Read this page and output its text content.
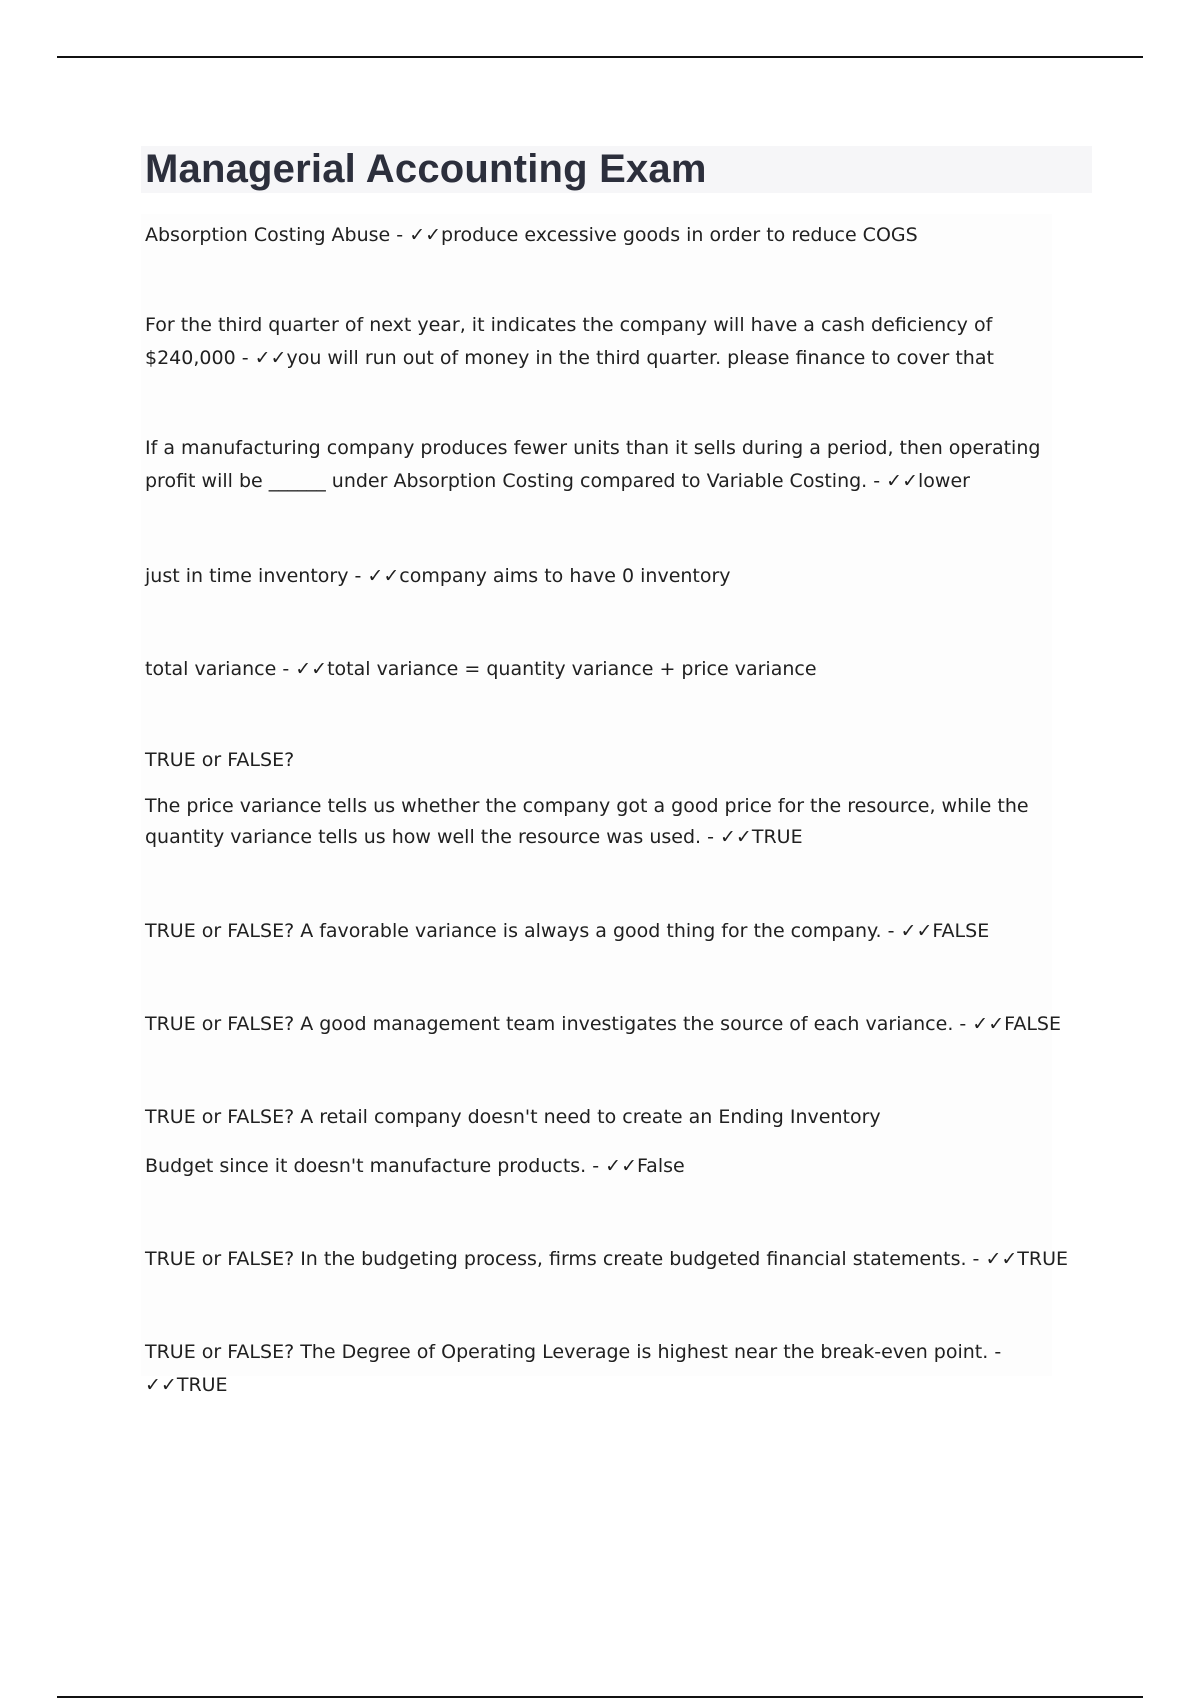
Managerial Accounting Exam

Absorption Costing Abuse - ✓✓produce excessive goods in order to reduce COGS

For the third quarter of next year, it indicates the company will have a cash deficiency of $240,000 - ✓✓you will run out of money in the third quarter. please finance to cover that

If a manufacturing company produces fewer units than it sells during a period, then operating profit will be ______ under Absorption Costing compared to Variable Costing. - ✓✓lower

just in time inventory - ✓✓company aims to have 0 inventory

total variance - ✓✓total variance = quantity variance + price variance

TRUE or FALSE?

The price variance tells us whether the company got a good price for the resource, while the quantity variance tells us how well the resource was used. - ✓✓TRUE

TRUE or FALSE? A favorable variance is always a good thing for the company. - ✓✓FALSE

TRUE or FALSE? A good management team investigates the source of each variance. - ✓✓FALSE

TRUE or FALSE? A retail company doesn't need to create an Ending Inventory

Budget since it doesn't manufacture products. - ✓✓False

TRUE or FALSE? In the budgeting process, firms create budgeted financial statements. - ✓✓TRUE

TRUE or FALSE? The Degree of Operating Leverage is highest near the break-even point. - ✓✓TRUE
